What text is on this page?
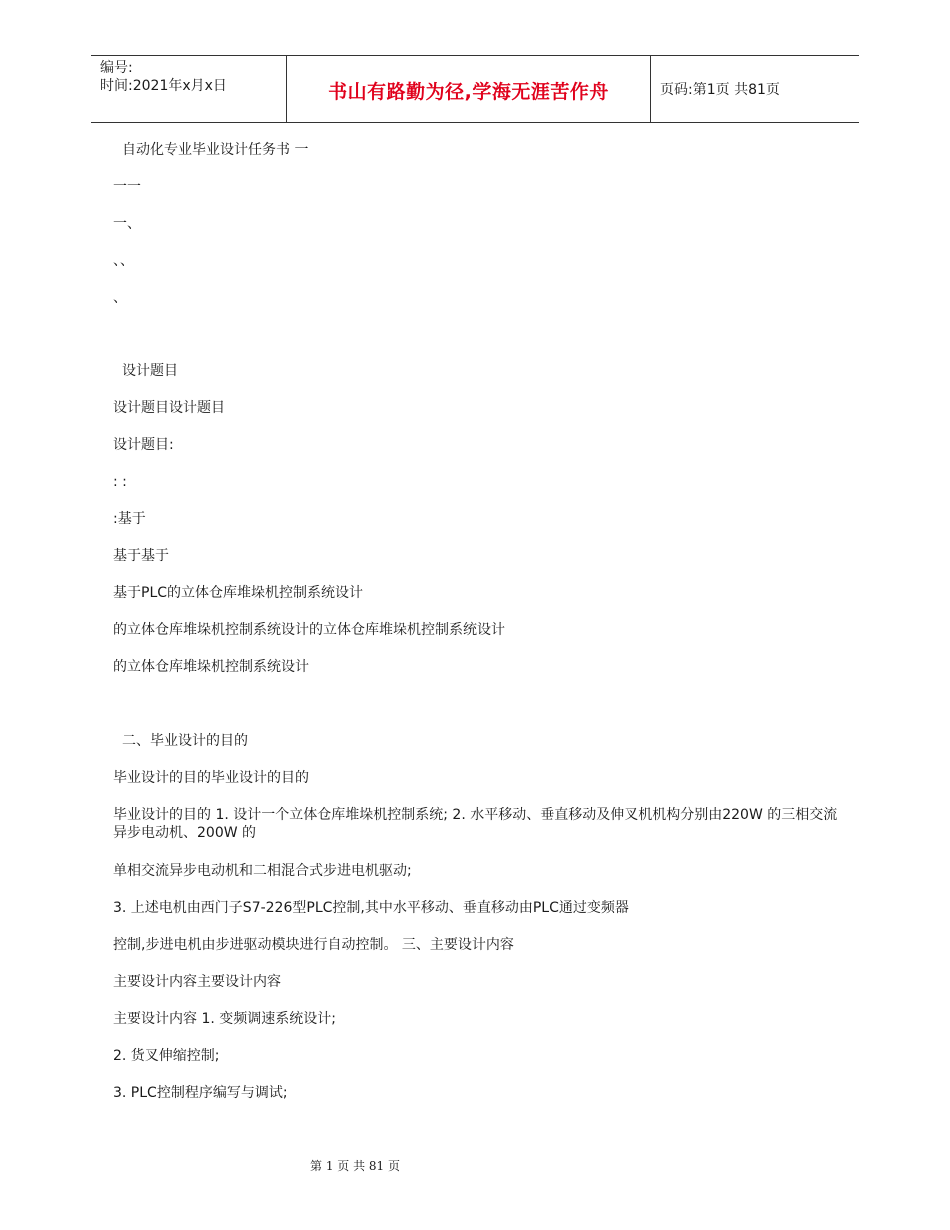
编号:
时间:2021年x月x日	书山有路勤为径,学海无涯苦作舟	页码:第1页 共81页
自动化专业毕业设计任务书 一
一一
一、
、、
、
设计题目
设计题目设计题目
设计题目:
: :
:基于
基于基于
基于PLC的立体仓库堆垛机控制系统设计
的立体仓库堆垛机控制系统设计的立体仓库堆垛机控制系统设计
的立体仓库堆垛机控制系统设计
二、毕业设计的目的
毕业设计的目的毕业设计的目的
毕业设计的目的 1. 设计一个立体仓库堆垛机控制系统; 2. 水平移动、垂直移动及伸叉机机构分别由220W 的三相交流异步电动机、200W 的
单相交流异步电动机和二相混合式步进电机驱动;
3. 上述电机由西门子S7-226型PLC控制,其中水平移动、垂直移动由PLC通过变频器
控制,步进电机由步进驱动模块进行自动控制。 三、主要设计内容
主要设计内容主要设计内容
主要设计内容 1. 变频调速系统设计;
2. 货叉伸缩控制;
3. PLC控制程序编写与调试;
第 1 页 共 81 页
